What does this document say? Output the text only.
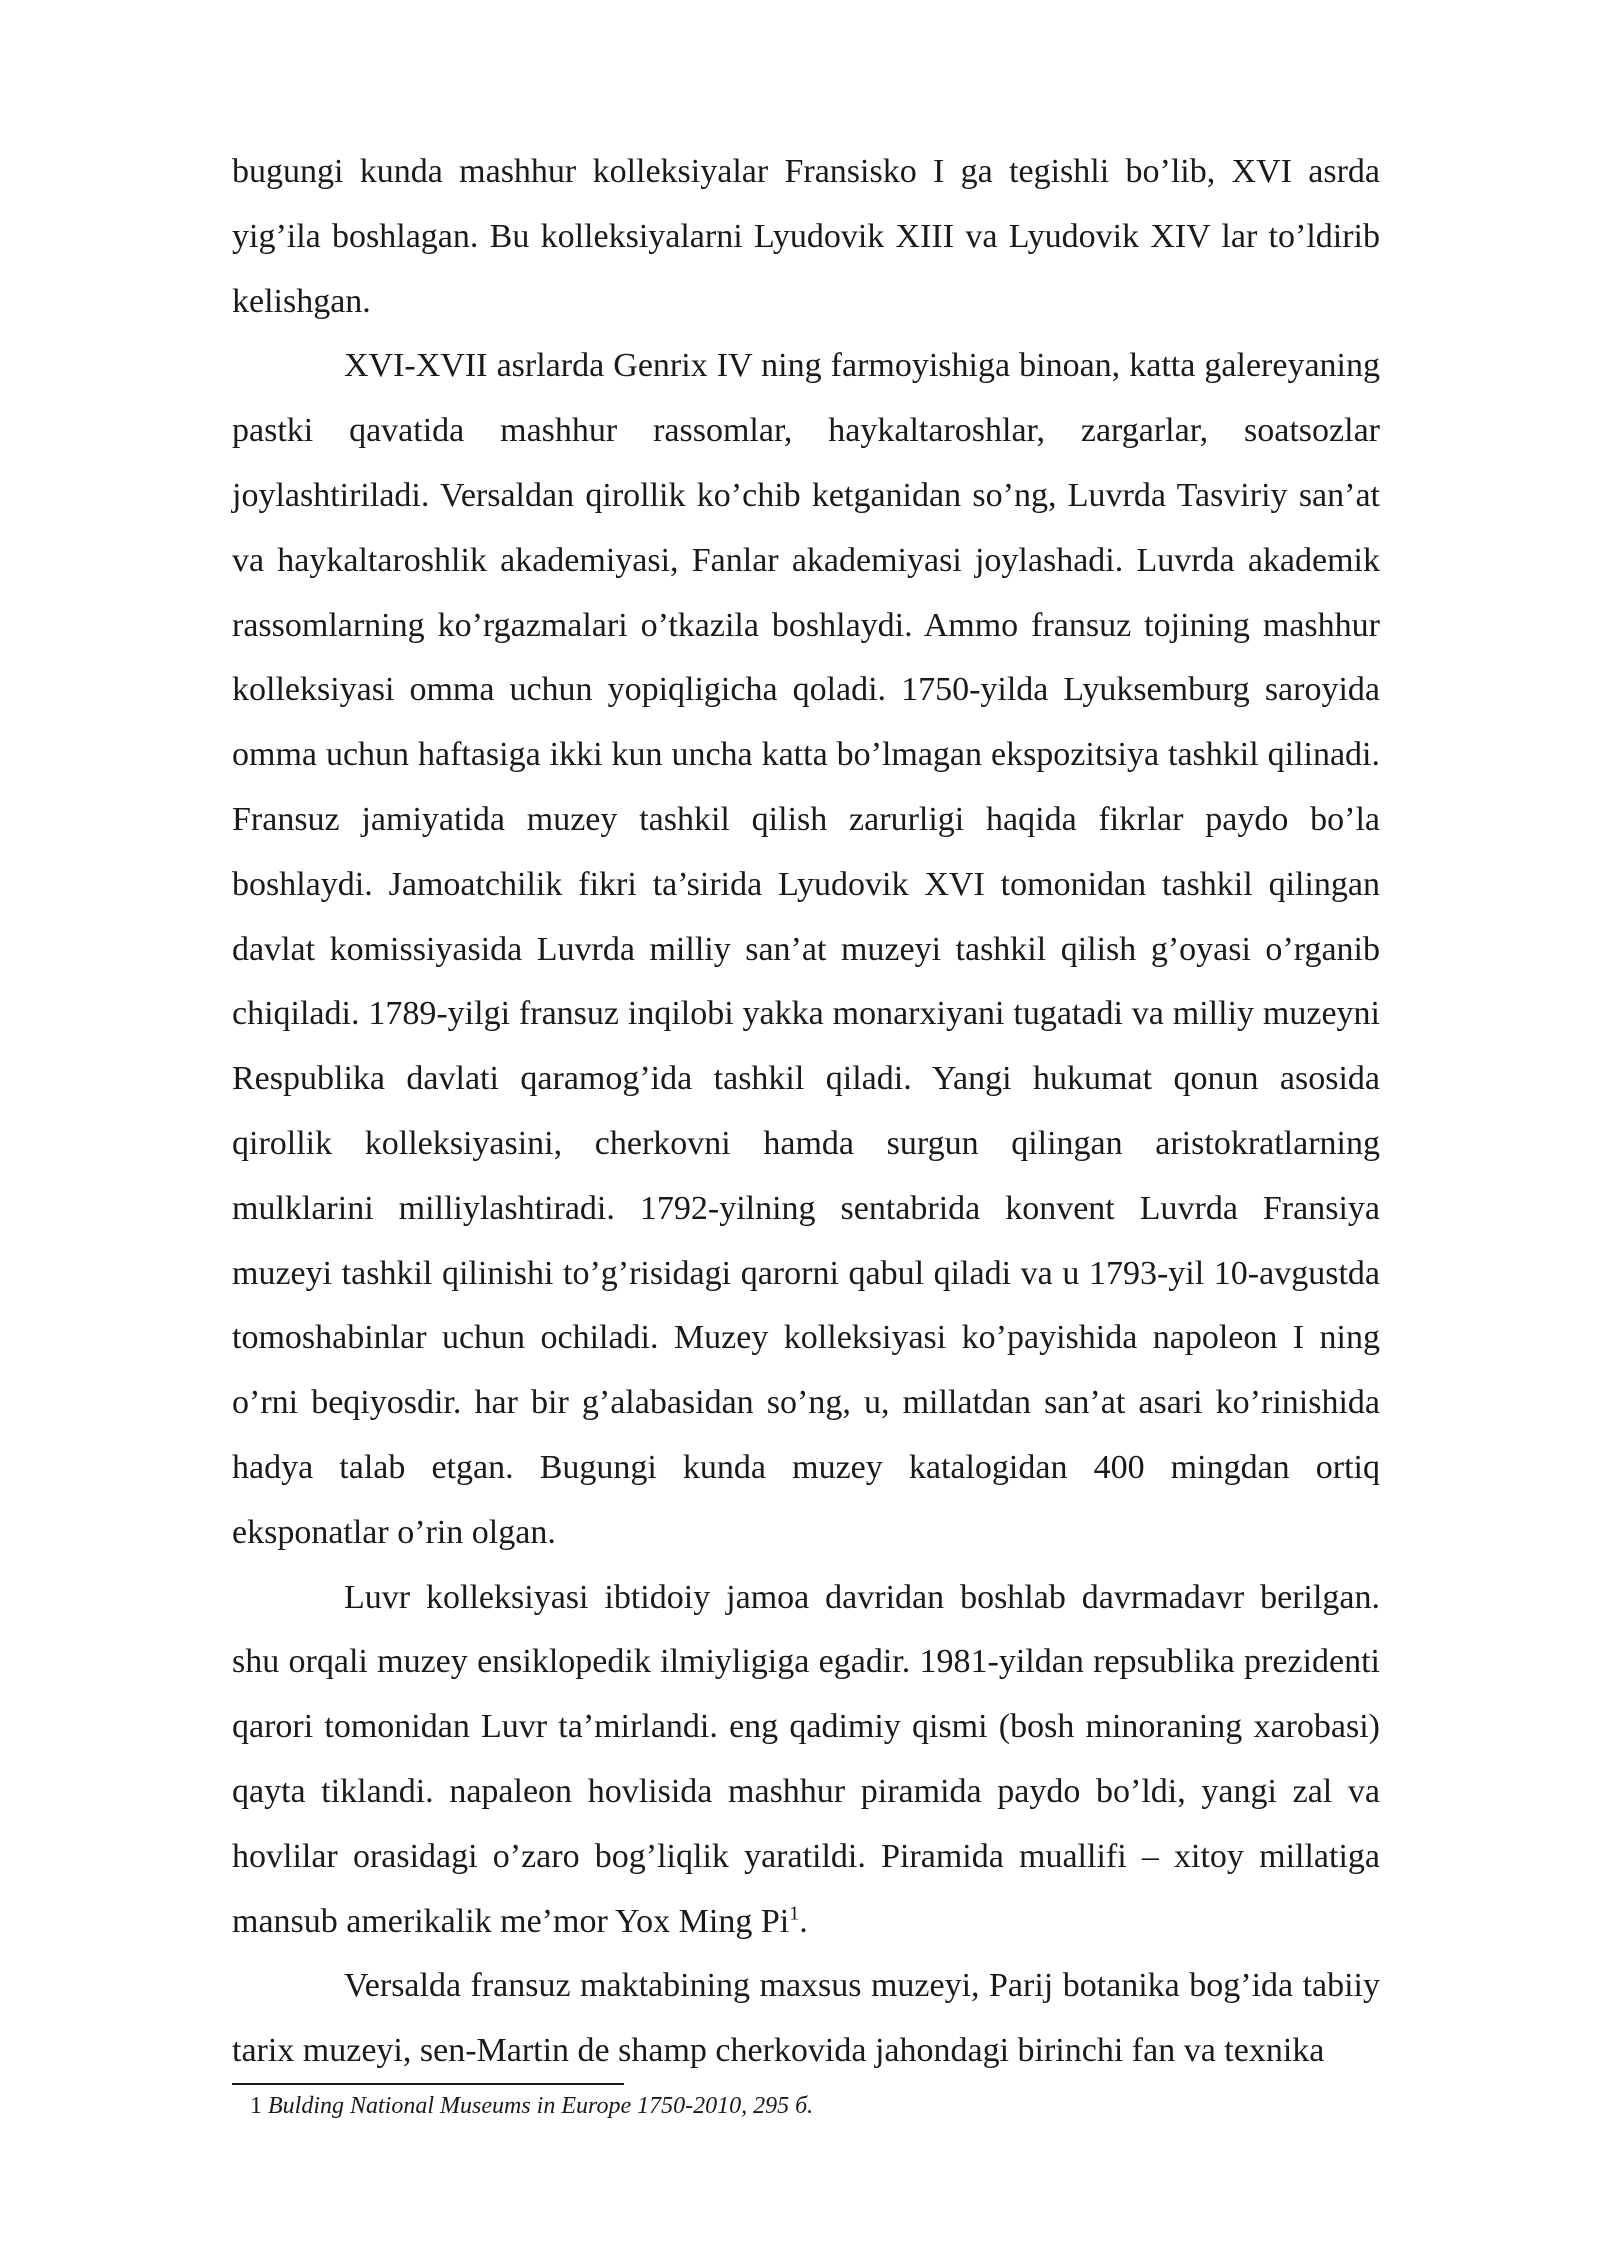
bugungi kunda mashhur kolleksiyalar Fransisko I ga tegishli bo’lib, XVI asrda yig’ila boshlagan. Bu kolleksiyalarni Lyudovik XIII va Lyudovik XIV lar to’ldirib kelishgan.

XVI-XVII asrlarda Genrix IV ning farmoyishiga binoan, katta galereyaning pastki qavatida mashhur rassomlar, haykaltaroshlar, zargarlar, soatsozlar joylashtiriladi. Versaldan qirollik ko’chib ketganidan so’ng, Luvrda Tasviriy san’at va haykaltaroshlik akademiyasi, Fanlar akademiyasi joylashadi. Luvrda akademik rassomlarning ko’rgazmalari o’tkazila boshlaydi. Ammo fransuz tojining mashhur kolleksiyasi omma uchun yopiqligicha qoladi. 1750-yilda Lyuksemburg saroyida omma uchun haftasiga ikki kun uncha katta bo’lmagan ekspozitsiya tashkil qilinadi. Fransuz jamiyatida muzey tashkil qilish zarurligi haqida fikrlar paydo bo’la boshlaydi. Jamoatchilik fikri ta’sirida Lyudovik XVI tomonidan tashkil qilingan davlat komissiyasida Luvrda milliy san’at muzeyi tashkil qilish g’oyasi o’rganib chiqiladi. 1789-yilgi fransuz inqilobi yakka monarxiyani tugatadi va milliy muzeyni Respublika davlati qaramog’ida tashkil qiladi. Yangi hukumat qonun asosida qirollik kolleksiyasini, cherkovni hamda surgun qilingan aristokratlarning mulklarini milliylashtiradi. 1792-yilning sentabrida konvent Luvrda Fransiya muzeyi tashkil qilinishi to’g’risidagi qarorni qabul qiladi va u 1793-yil 10-avgustda tomoshabinlar uchun ochiladi. Muzey kolleksiyasi ko’payishida napoleon I ning o’rni beqiyosdir. har bir g’alabasidan so’ng, u, millatdan san’at asari ko’rinishida hadya talab etgan. Bugungi kunda muzey katalogidan 400 mingdan ortiq eksponatlar o’rin olgan.

Luvr kolleksiyasi ibtidoiy jamoa davridan boshlab davrmadavr berilgan. shu orqali muzey ensiklopedik ilmiyligiga egadir. 1981-yildan repsublika prezidenti qarori tomonidan Luvr ta’mirlandi. eng qadimiy qismi (bosh minoraning xarobasi) qayta tiklandi. napaleon hovlisida mashhur piramida paydo bo’ldi, yangi zal va hovlilar orasidagi o’zaro bog’liqlik yaratildi. Piramida muallifi – xitoy millatiga mansub amerikalik me’mor Yox Ming Pi$^1$.

Versalda fransuz maktabining maxsus muzeyi, Parij botanika bog’ida tabiiy tarix muzeyi, sen-Martin de shamp cherkovida jahondagi birinchi fan va texnika

1 Bulding National Museums in Europe 1750-2010, 295 б.
